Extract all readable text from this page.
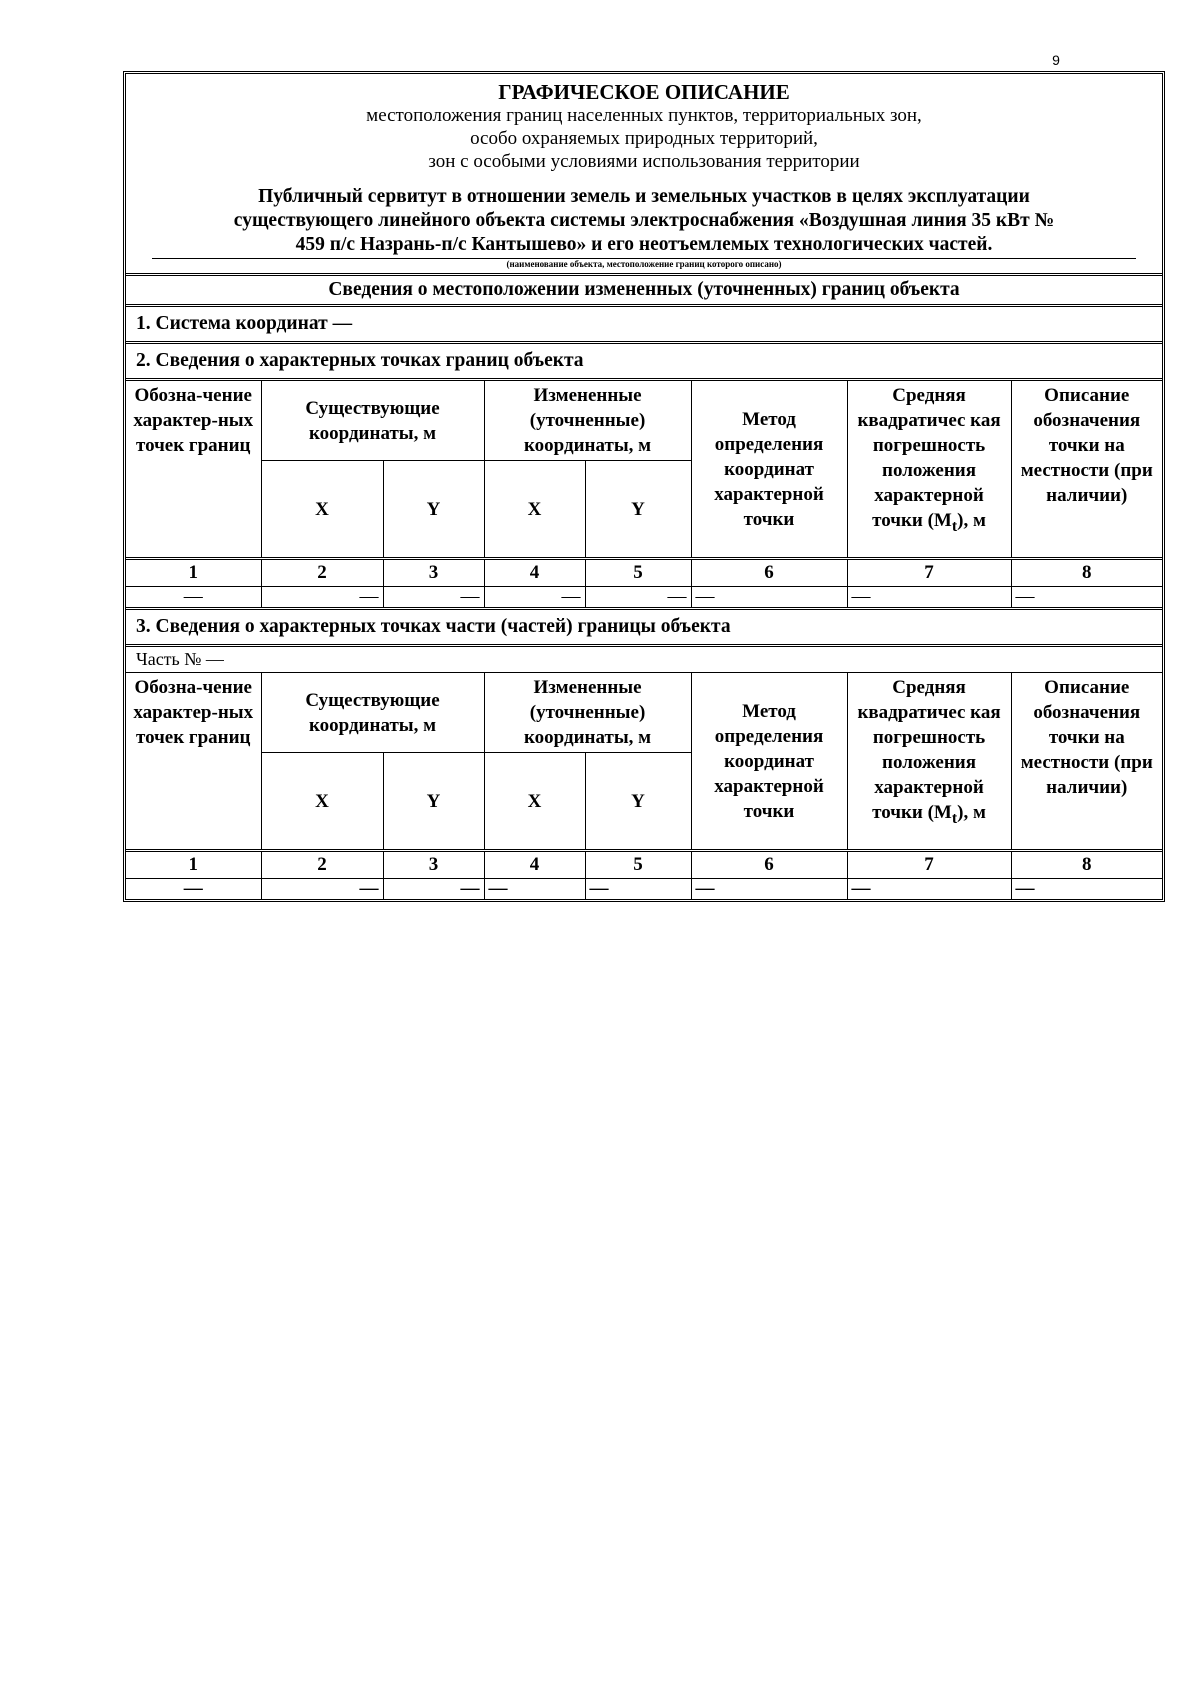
9
ГРАФИЧЕСКОЕ ОПИСАНИЕ
местоположения границ населенных пунктов, территориальных зон,
особо охраняемых природных территорий,
зон с особыми условиями использования территории
Публичный сервитут в отношении земель и земельных участков в целях эксплуатации
существующего линейного объекта системы электроснабжения «Воздушная линия 35 кВт №
459 п/с Назрань-п/с Кантышево» и его неотъемлемых технологических частей.
(наименование объекта, местоположение границ которого описано)
Сведения о местоположении измененных (уточненных) границ объекта
1. Система координат —
2. Сведения о характерных точках границ объекта
Обозна-чение характер-ных точек границ	Существующие координаты, м		Измененные (уточненные) координаты, м		Метод определения координат характерной точки	Средняя квадратичес кая погрешность положения характерной точки $(M_t)$, м	Описание обозначения точки на местности (при наличии)
	X	Y	X	Y			
1	2	3	4	5	6	7	8
—	—	—	—	—	—	—	—
3. Сведения о характерных точках части (частей) границы объекта
Часть № —
Обозна-чение характер-ных точек границ	Существующие координаты, м		Измененные (уточненные) координаты, м		Метод определения координат характерной точки	Средняя квадратичес кая погрешность положения характерной точки $(M_t)$, м	Описание обозначения точки на местности (при наличии)
	X	Y	X	Y			
1	2	3	4	5	6	7	8
—	—	—	—	—	—	—	—
